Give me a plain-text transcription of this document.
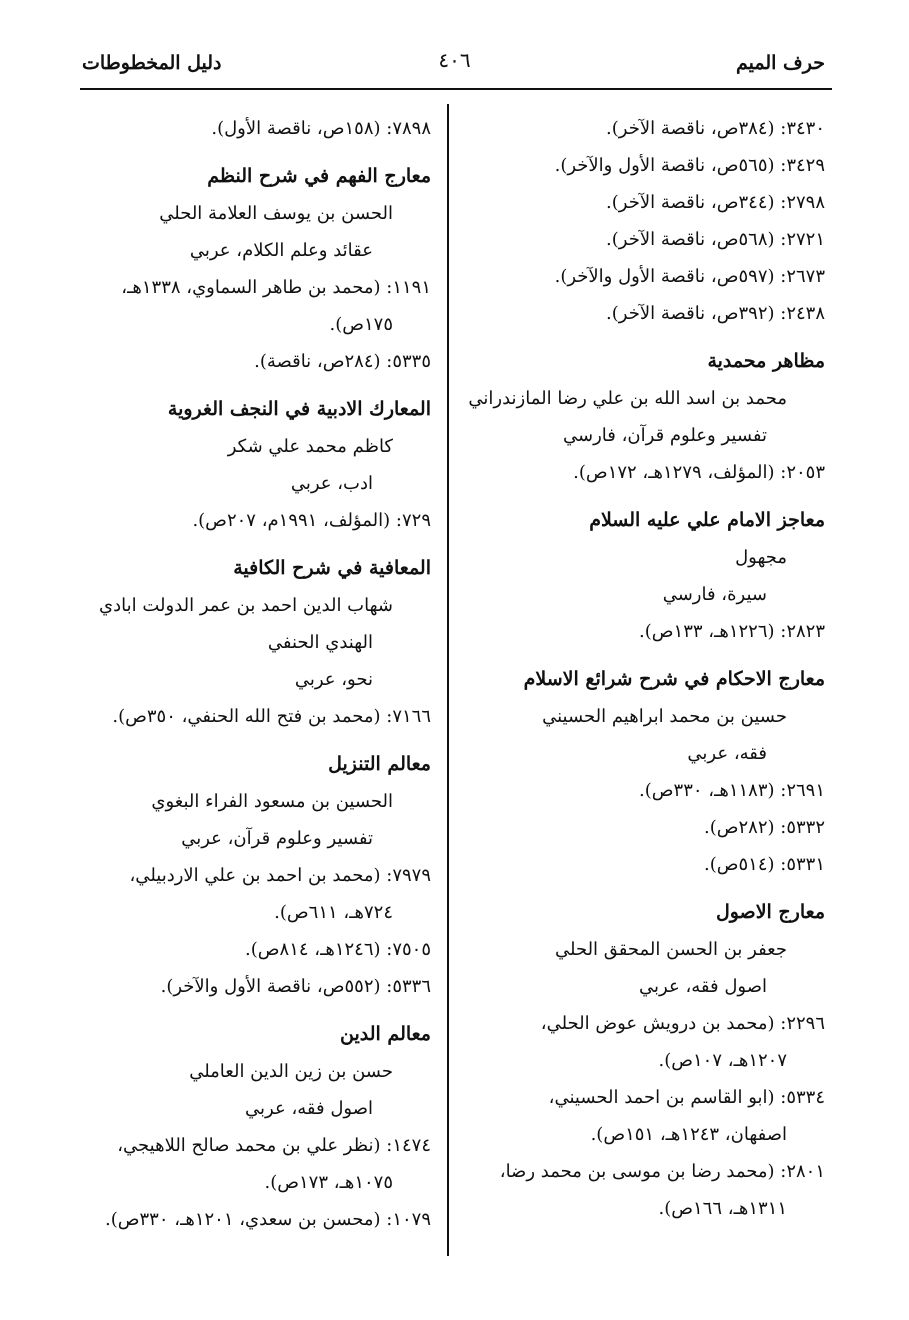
حرف الميم
٤٠٦
دليل المخطوطات
٣٤٣٠: (٣٨٤ص، ناقصة الآخر).
٣٤٢٩: (٥٦٥ص، ناقصة الأول والآخر).
٢٧٩٨: (٣٤٤ص، ناقصة الآخر).
٢٧٢١: (٥٦٨ص، ناقصة الآخر).
٢٦٧٣: (٥٩٧ص، ناقصة الأول والآخر).
٢٤٣٨: (٣٩٢ص، ناقصة الآخر).
مظاهر محمدية
محمد بن اسد الله بن علي رضا المازندراني
تفسير وعلوم قرآن، فارسي
٢٠٥٣: (المؤلف، ١٢٧٩هـ، ١٧٢ص).
معاجز الامام علي عليه السلام
مجهول
سيرة، فارسي
٢٨٢٣: (١٢٢٦هـ، ١٣٣ص).
معارج الاحكام في شرح شرائع الاسلام
حسين بن محمد ابراهيم الحسيني
فقه، عربي
٢٦٩١: (١١٨٣هـ، ٣٣٠ص).
٥٣٣٢: (٢٨٢ص).
٥٣٣١: (٥١٤ص).
معارج الاصول
جعفر بن الحسن المحقق الحلي
اصول فقه، عربي
٢٢٩٦: (محمد بن درويش عوض الحلي،
١٢٠٧هـ، ١٠٧ص).
٥٣٣٤: (ابو القاسم بن احمد الحسيني،
اصفهان، ١٢٤٣هـ، ١٥١ص).
٢٨٠١: (محمد رضا بن موسى بن محمد رضا،
١٣١١هـ، ١٦٦ص).
٧٨٩٨: (١٥٨ص، ناقصة الأول).
معارج الفهم في شرح النظم
الحسن بن يوسف العلامة الحلي
عقائد وعلم الكلام، عربي
١١٩١: (محمد بن طاهر السماوي، ١٣٣٨هـ،
١٧٥ص).
٥٣٣٥: (٢٨٤ص، ناقصة).
المعارك الادبية في النجف الغروية
كاظم محمد علي شكر
ادب، عربي
٧٢٩: (المؤلف، ١٩٩١م، ٢٠٧ص).
المعافية في شرح الكافية
شهاب الدين احمد بن عمر الدولت ابادي
الهندي الحنفي
نحو، عربي
٧١٦٦: (محمد بن فتح الله الحنفي، ٣٥٠ص).
معالم التنزيل
الحسين بن مسعود الفراء البغوي
تفسير وعلوم قرآن، عربي
٧٩٧٩: (محمد بن احمد بن علي الاردبيلي،
٧٢٤هـ، ٦١١ص).
٧٥٠٥: (١٢٤٦هـ، ٨١٤ص).
٥٣٣٦: (٥٥٢ص، ناقصة الأول والآخر).
معالم الدين
حسن بن زين الدين العاملي
اصول فقه، عربي
١٤٧٤: (نظر علي بن محمد صالح اللاهيجي،
١٠٧٥هـ، ١٧٣ص).
١٠٧٩: (محسن بن سعدي، ١٢٠١هـ، ٣٣٠ص).
